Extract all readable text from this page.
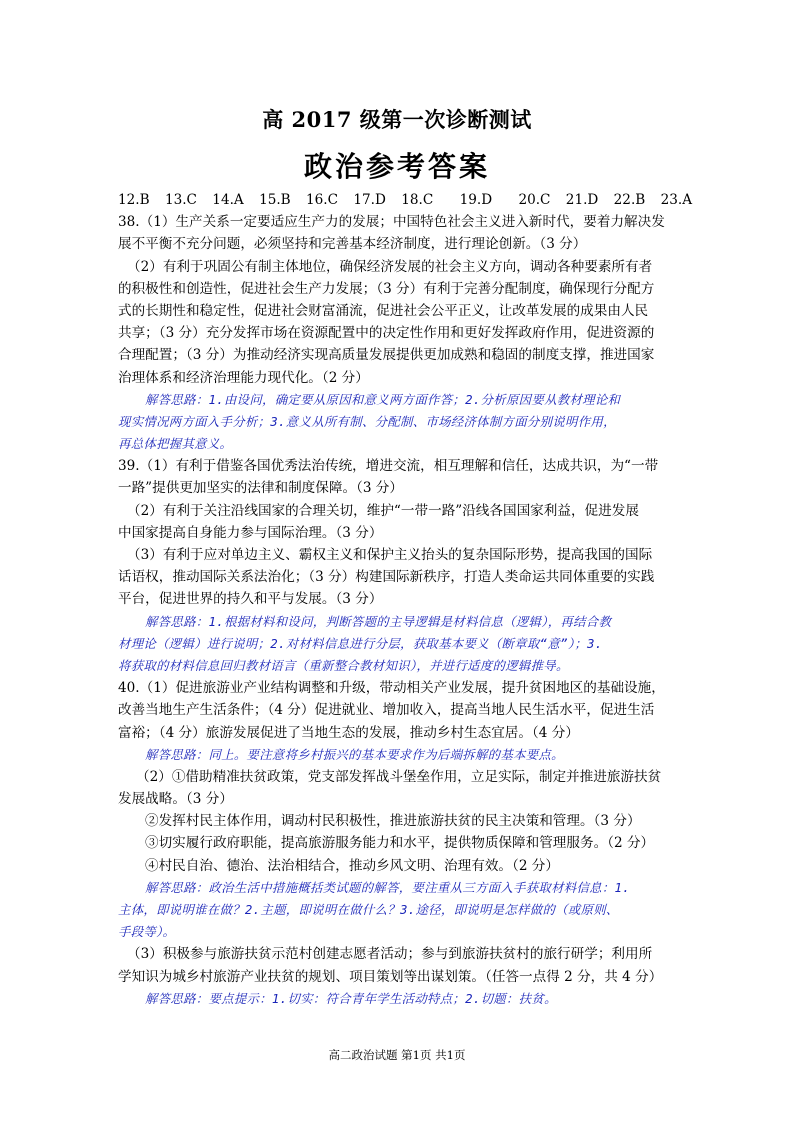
高 2017 级第一次诊断测试
政治参考答案
12.B 13.C 14.A 15.B 16.C 17.D 18.C 19.D 20.C 21.D 22.B 23.A
38.（1）生产关系一定要适应生产力的发展；中国特色社会主义进入新时代，要着力解决发
展不平衡不充分问题，必须坚持和完善基本经济制度，进行理论创新。（3 分）
（2）有利于巩固公有制主体地位，确保经济发展的社会主义方向，调动各种要素所有者
的积极性和创造性，促进社会生产力发展；（3 分）有利于完善分配制度，确保现行分配方
式的长期性和稳定性，促进社会财富涌流，促进社会公平正义，让改革发展的成果由人民
共享；（3 分）充分发挥市场在资源配置中的决定性作用和更好发挥政府作用，促进资源的
合理配置；（3 分）为推动经济实现高质量发展提供更加成熟和稳固的制度支撑，推进国家
治理体系和经济治理能力现代化。（2 分）
解答思路：1.由设问，确定要从原因和意义两方面作答；2.分析原因要从教材理论和
现实情况两方面入手分析；3.意义从所有制、分配制、市场经济体制方面分别说明作用，
再总体把握其意义。
39.（1）有利于借鉴各国优秀法治传统，增进交流，相互理解和信任，达成共识，为“一带
一路”提供更加坚实的法律和制度保障。（3 分）
（2）有利于关注沿线国家的合理关切，维护“一带一路”沿线各国国家利益，促进发展
中国家提高自身能力参与国际治理。（3 分）
（3）有利于应对单边主义、霸权主义和保护主义抬头的复杂国际形势，提高我国的国际
话语权，推动国际关系法治化；（3 分）构建国际新秩序，打造人类命运共同体重要的实践
平台，促进世界的持久和平与发展。（3 分）
解答思路：1.根据材料和设问，判断答题的主导逻辑是材料信息（逻辑），再结合教
材理论（逻辑）进行说明；2.对材料信息进行分层，获取基本要义（断章取“意”）；3.
将获取的材料信息回归教材语言（重新整合教材知识），并进行适度的逻辑推导。
40.（1）促进旅游业产业结构调整和升级，带动相关产业发展，提升贫困地区的基础设施，
改善当地生产生活条件；（4 分）促进就业、增加收入，提高当地人民生活水平，促进生活
富裕；（4 分）旅游发展促进了当地生态的发展，推动乡村生态宜居。（4 分）
解答思路：同上。要注意将乡村振兴的基本要求作为后端拆解的基本要点。
（2）①借助精准扶贫政策，党支部发挥战斗堡垒作用，立足实际，制定并推进旅游扶贫
发展战略。（3 分）
②发挥村民主体作用，调动村民积极性，推进旅游扶贫的民主决策和管理。（3 分）
③切实履行政府职能，提高旅游服务能力和水平，提供物质保障和管理服务。（2 分）
④村民自治、德治、法治相结合，推动乡风文明、治理有效。（2 分）
解答思路：政治生活中措施概括类试题的解答，要注重从三方面入手获取材料信息：1.
主体，即说明谁在做？2.主题，即说明在做什么？3.途径，即说明是怎样做的（或原则、
手段等）。
（3）积极参与旅游扶贫示范村创建志愿者活动；参与到旅游扶贫村的旅行研学；利用所
学知识为城乡村旅游产业扶贫的规划、项目策划等出谋划策。（任答一点得 2 分，共 4 分）
解答思路：要点提示：1.切实：符合青年学生活动特点；2.切题：扶贫。
高二政治试题 第1页 共1页
